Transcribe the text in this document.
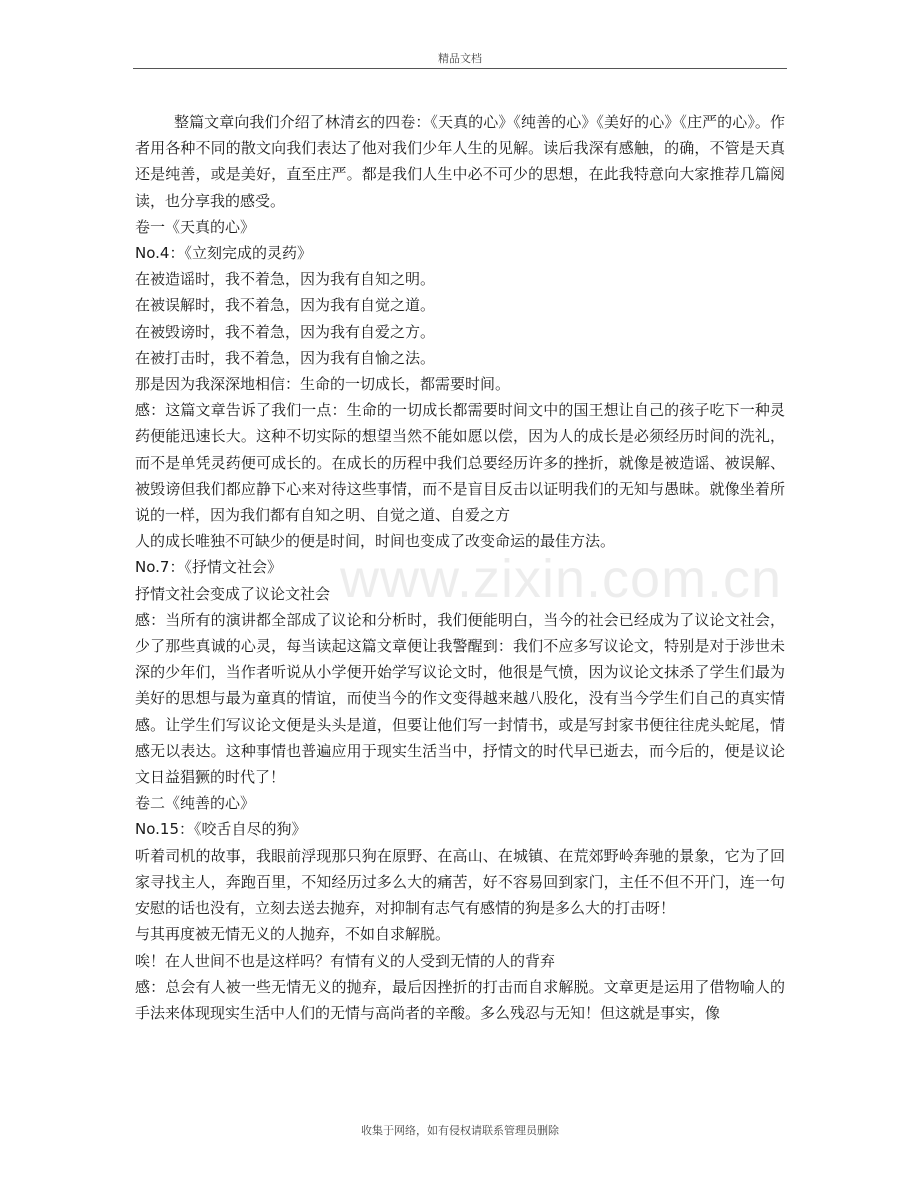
精品文档
www.zixin.com.cn

整篇文章向我们介绍了林清玄的四卷：《天真的心》《纯善的心》《美好的心》《庄严的心》。作者用各种不同的散文向我们表达了他对我们少年人生的见解。读后我深有感触，的确，不管是天真还是纯善，或是美好，直至庄严。都是我们人生中必不可少的思想，在此我特意向大家推荐几篇阅读，也分享我的感受。

卷一《天真的心》

No.4：《立刻完成的灵药》

在被造谣时，我不着急，因为我有自知之明。

在被误解时，我不着急，因为我有自觉之道。

在被毁谤时，我不着急，因为我有自爱之方。

在被打击时，我不着急，因为我有自愉之法。

那是因为我深深地相信：生命的一切成长，都需要时间。

感：这篇文章告诉了我们一点：生命的一切成长都需要时间文中的国王想让自己的孩子吃下一种灵药便能迅速长大。这种不切实际的想望当然不能如愿以偿，因为人的成长是必须经历时间的洗礼，而不是单凭灵药便可成长的。在成长的历程中我们总要经历许多的挫折，就像是被造谣、被误解、被毁谤但我们都应静下心来对待这些事情，而不是盲目反击以证明我们的无知与愚昧。就像坐着所说的一样，因为我们都有自知之明、自觉之道、自爱之方

人的成长唯独不可缺少的便是时间，时间也变成了改变命运的最佳方法。

No.7：《抒情文社会》

抒情文社会变成了议论文社会

感：当所有的演讲都全部成了议论和分析时，我们便能明白，当今的社会已经成为了议论文社会，少了那些真诚的心灵，每当读起这篇文章便让我警醒到：我们不应多写议论文，特别是对于涉世未深的少年们，当作者听说从小学便开始学写议论文时，他很是气愤，因为议论文抹杀了学生们最为美好的思想与最为童真的情谊，而使当今的作文变得越来越八股化，没有当今学生们自己的真实情感。让学生们写议论文便是头头是道，但要让他们写一封情书，或是写封家书便往往虎头蛇尾，情感无以表达。这种事情也普遍应用于现实生活当中，抒情文的时代早已逝去，而今后的，便是议论文日益猖獗的时代了！

卷二《纯善的心》

No.15：《咬舌自尽的狗》

听着司机的故事，我眼前浮现那只狗在原野、在高山、在城镇、在荒郊野岭奔驰的景象，它为了回家寻找主人，奔跑百里，不知经历过多么大的痛苦，好不容易回到家门，主任不但不开门，连一句安慰的话也没有，立刻去送去抛弃，对抑制有志气有感情的狗是多么大的打击呀！

与其再度被无情无义的人抛弃，不如自求解脱。

唉！在人世间不也是这样吗？有情有义的人受到无情的人的背弃

感：总会有人被一些无情无义的抛弃，最后因挫折的打击而自求解脱。文章更是运用了借物喻人的手法来体现现实生活中人们的无情与高尚者的辛酸。多么残忍与无知！但这就是事实，像

收集于网络，如有侵权请联系管理员删除
